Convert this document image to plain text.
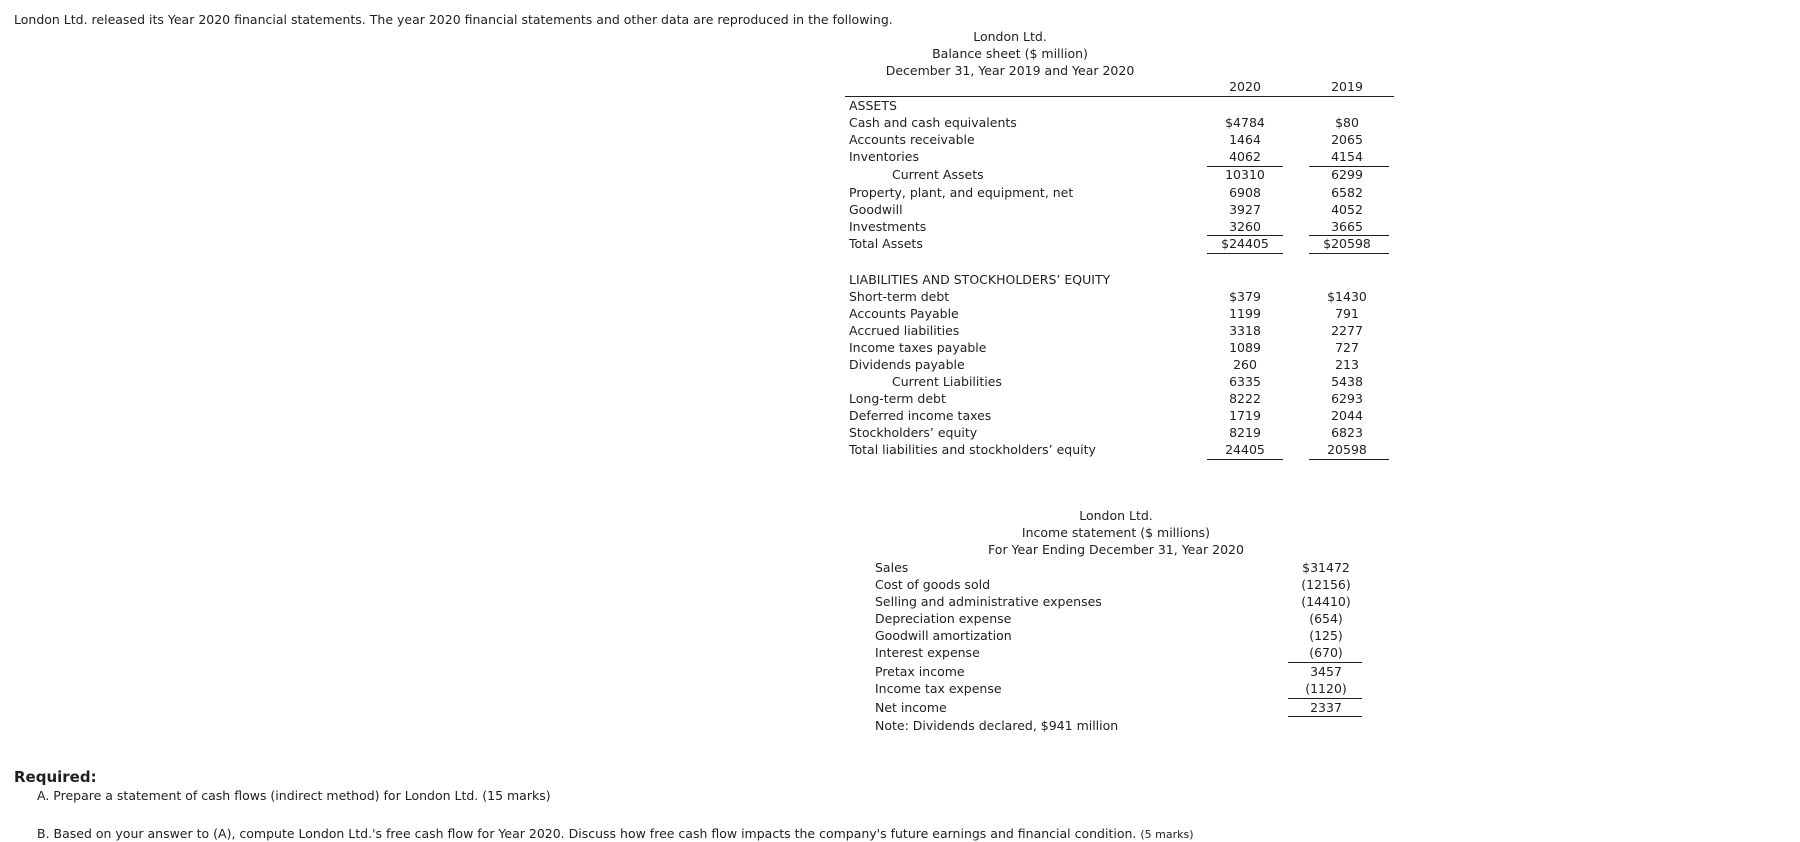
London Ltd. released its Year 2020 financial statements. The year 2020 financial statements and other data are reproduced in the following.
London Ltd.
Balance sheet ($ million)
December 31, Year 2019 and Year 2020
2020	2019
ASSETS
Cash and cash equivalents	$4784	$80
Accounts receivable	1464	2065
Inventories	4062	4154
Current Assets	10310	6299
Property, plant, and equipment, net	6908	6582
Goodwill	3927	4052
Investments	3260	3665
Total Assets	$24405	$20598
LIABILITIES AND STOCKHOLDERS’ EQUITY
Short-term debt	$379	$1430
Accounts Payable	1199	791
Accrued liabilities	3318	2277
Income taxes payable	1089	727
Dividends payable	260	213
Current Liabilities	6335	5438
Long-term debt	8222	6293
Deferred income taxes	1719	2044
Stockholders’ equity	8219	6823
Total liabilities and stockholders’ equity	24405	20598
London Ltd.
Income statement ($ millions)
For Year Ending December 31, Year 2020
Sales	$31472
Cost of goods sold	(12156)
Selling and administrative expenses	(14410)
Depreciation expense	(654)
Goodwill amortization	(125)
Interest expense	(670)
Pretax income	3457
Income tax expense	(1120)
Net income	2337
Note: Dividends declared, $941 million
Required:
A. Prepare a statement of cash flows (indirect method) for London Ltd. (15 marks)
B. Based on your answer to (A), compute London Ltd.'s free cash flow for Year 2020. Discuss how free cash flow impacts the company's future earnings and financial condition. (5 marks)
